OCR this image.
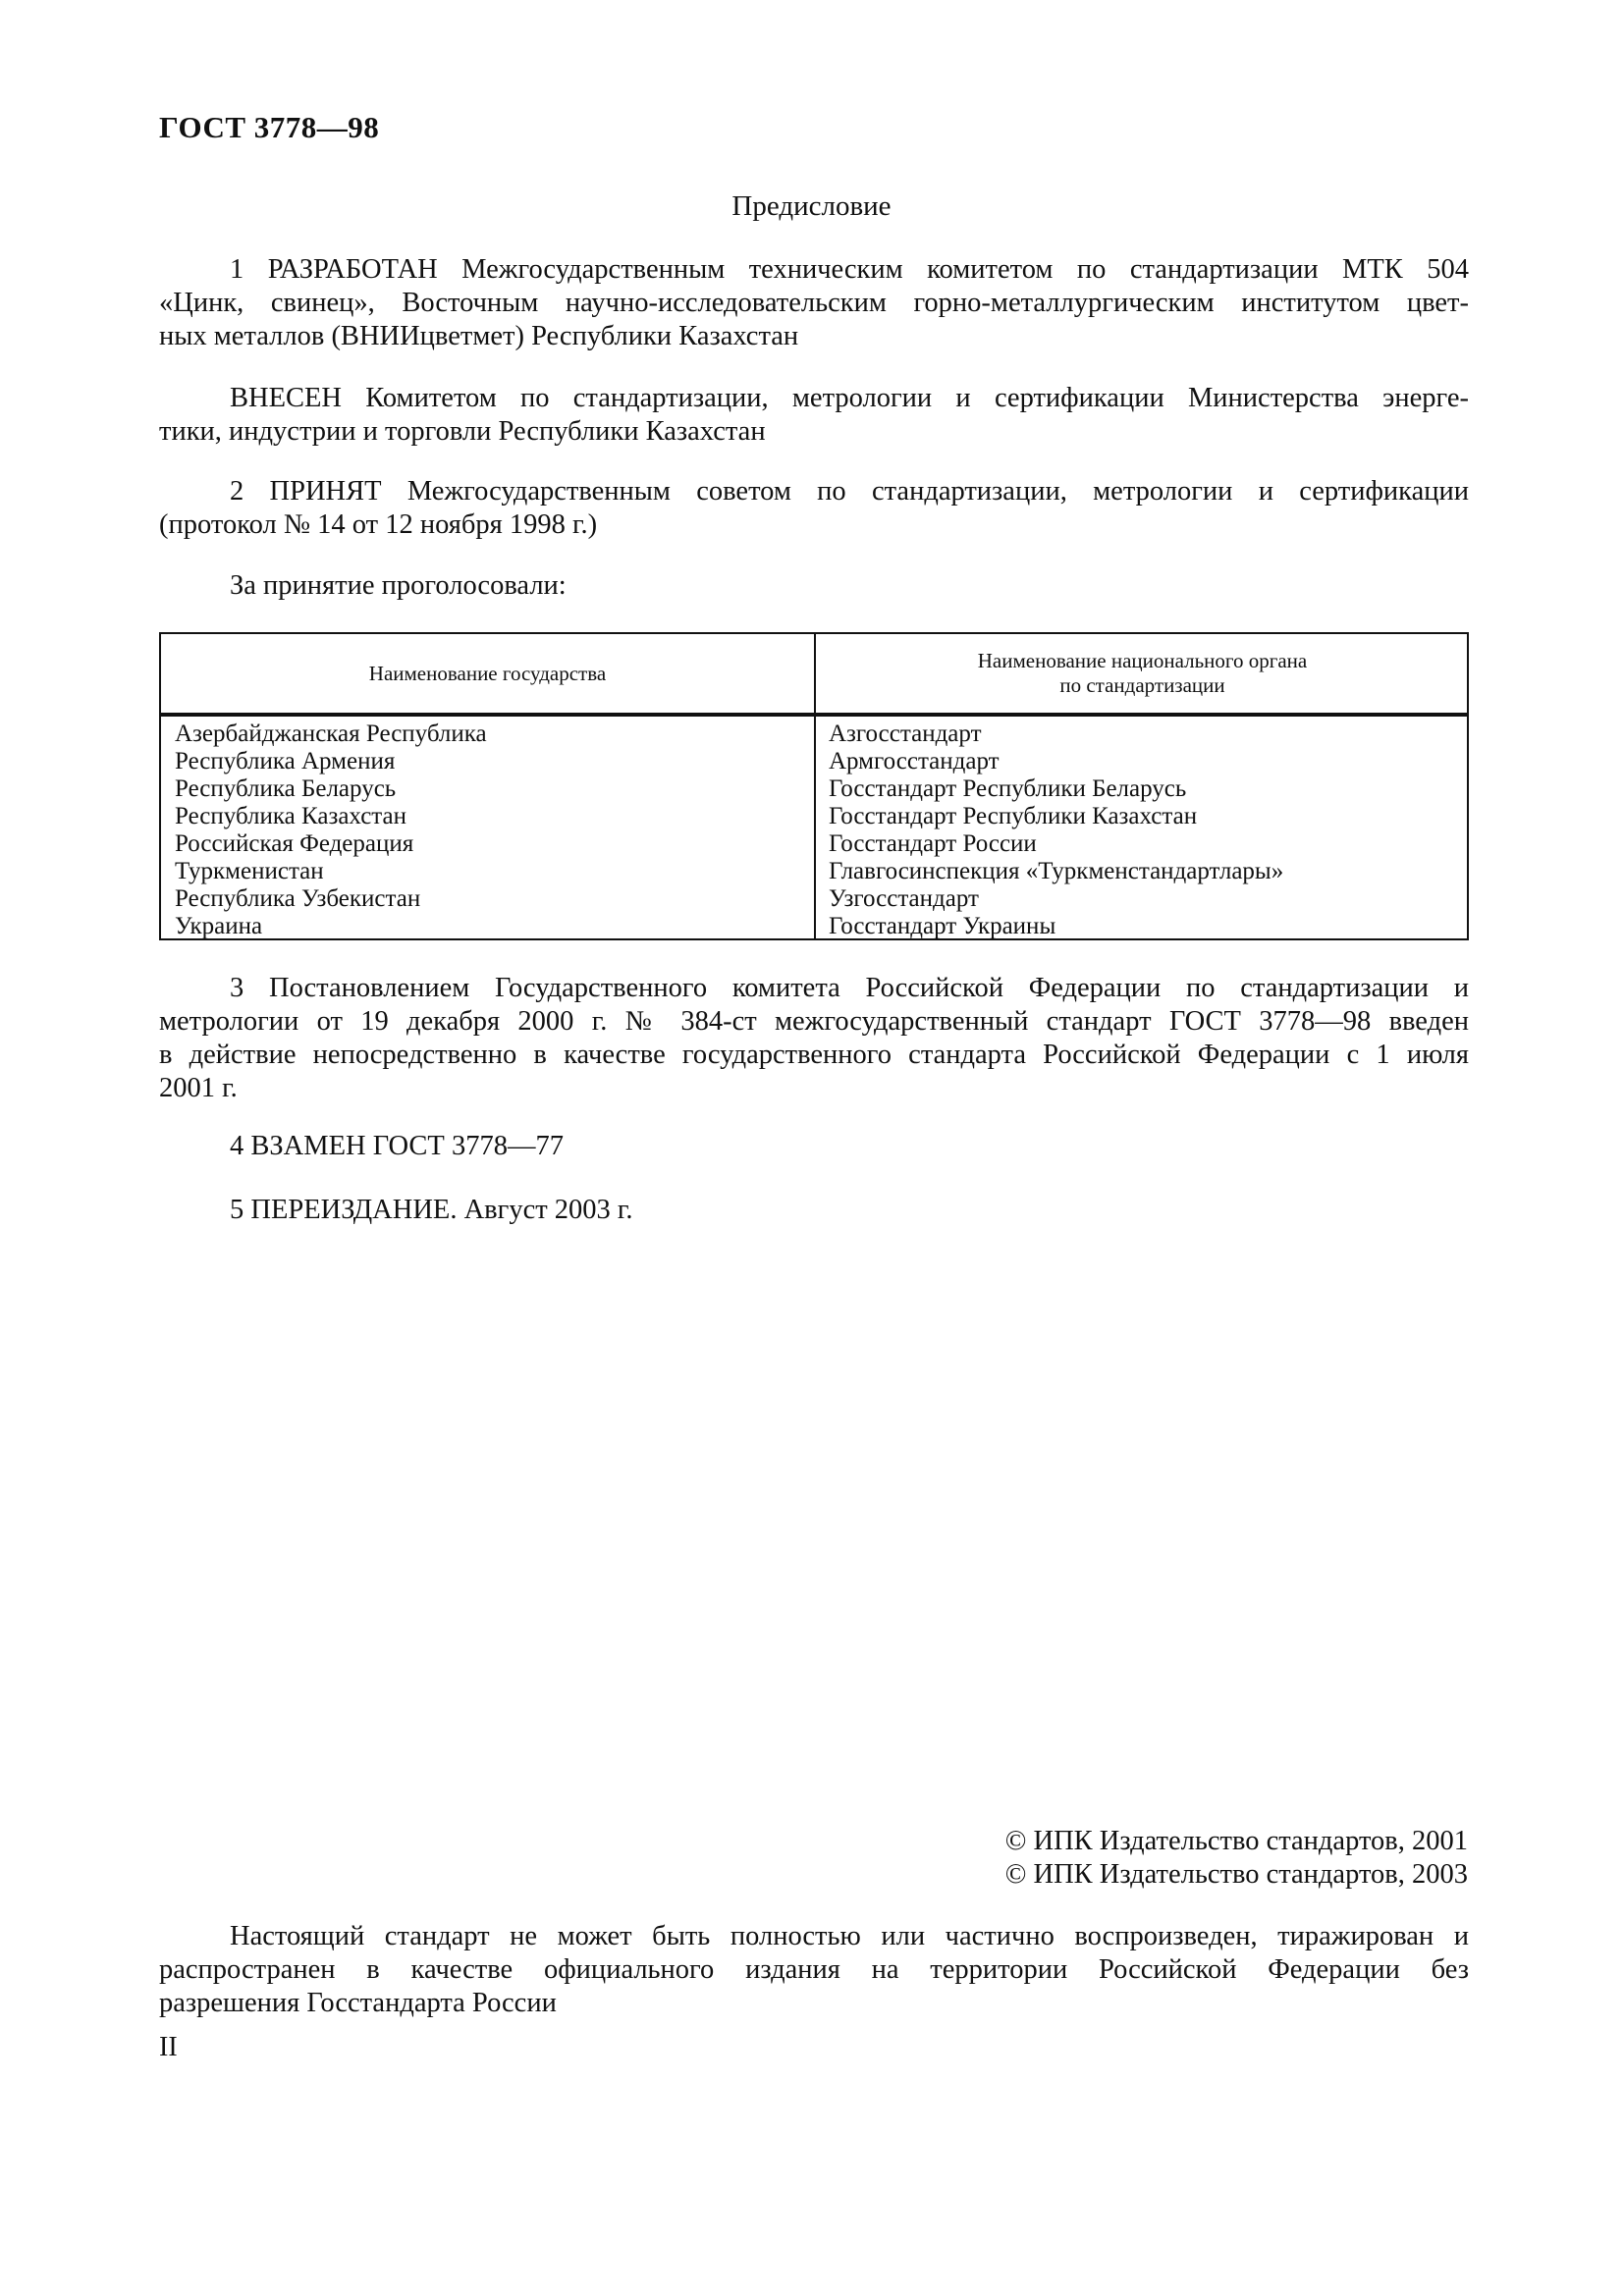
ГОСТ 3778—98
Предисловие
1 РАЗРАБОТАН Межгосударственным техническим комитетом по стандартизации МТК 504
«Цинк, свинец», Восточным научно-исследовательским горно-металлургическим институтом цвет-
ных металлов (ВНИИцветмет) Республики Казахстан
ВНЕСЕН Комитетом по стандартизации, метрологии и сертификации Министерства энерге-
тики, индустрии и торговли Республики Казахстан
2 ПРИНЯТ Межгосударственным советом по стандартизации, метрологии и сертификации
(протокол № 14 от 12 ноября 1998 г.)
За принятие проголосовали:
Наименование государства
Наименование национального органа
по стандартизации
Азербайджанская Республика
Республика Армения
Республика Беларусь
Республика Казахстан
Российская Федерация
Туркменистан
Республика Узбекистан
Украина
Азгосстандарт
Армгосстандарт
Госстандарт Республики Беларусь
Госстандарт Республики Казахстан
Госстандарт России
Главгосинспекция «Туркменстандартлары»
Узгосстандарт
Госстандарт Украины
3 Постановлением Государственного комитета Российской Федерации по стандартизации и
метрологии от 19 декабря 2000 г. № 384-ст межгосударственный стандарт ГОСТ 3778—98 введен
в действие непосредственно в качестве государственного стандарта Российской Федерации с 1 июля
2001 г.
4 ВЗАМЕН ГОСТ 3778—77
5 ПЕРЕИЗДАНИЕ. Август 2003 г.
© ИПК Издательство стандартов, 2001
© ИПК Издательство стандартов, 2003
Настоящий стандарт не может быть полностью или частично воспроизведен, тиражирован и
распространен в качестве официального издания на территории Российской Федерации без
разрешения Госстандарта России
II
